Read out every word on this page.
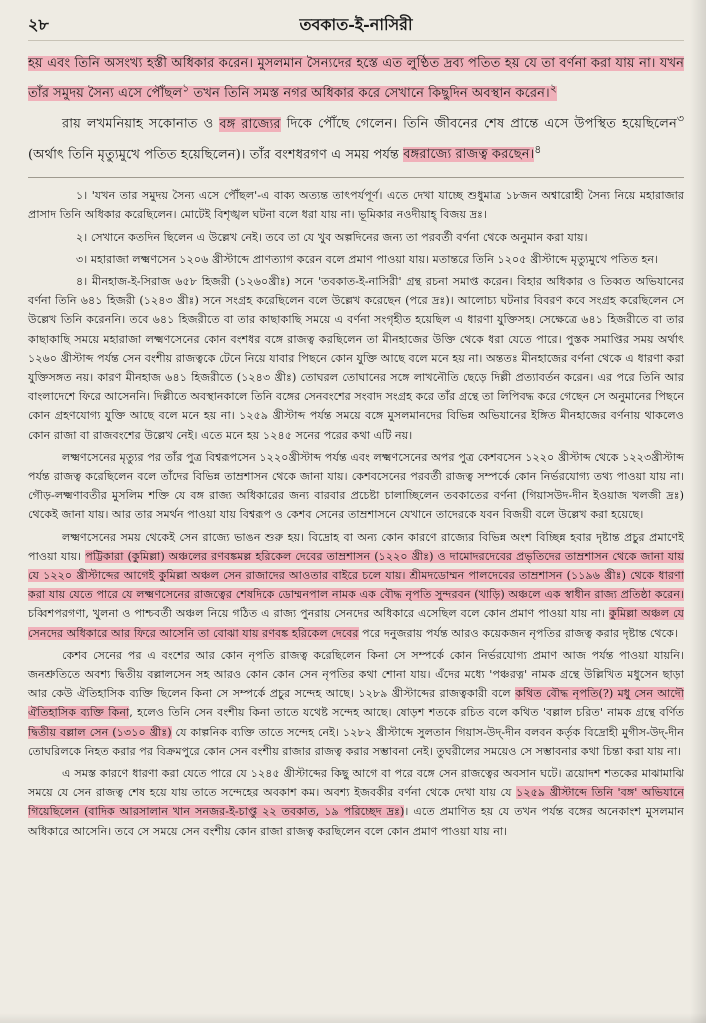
২৮	তবকাত-ই-নাসিরী

হয় এবং তিনি অসংখ্য হস্তী অধিকার করেন। মুসলমান সৈন্যদের হস্তে এত লুণ্ঠিত দ্রব্য পতিত হয় যে তা বর্ণনা করা যায় না। যখন তাঁর সমুদয় সৈন্য এসে পৌঁছল$^১$ তখন তিনি সমস্ত নগর অধিকার করে সেখানে কিছুদিন অবস্থান করেন।$^২$

রায় লখমনিয়াহ সকোনাত ও বঙ্গ রাজ্যের দিকে পৌঁছে গেলেন। তিনি জীবনের শেষ প্রান্তে এসে উপস্থিত হয়েছিলেন$^৩$ (অর্থাৎ তিনি মৃত্যুমুখে পতিত হয়েছিলেন)। তাঁর বংশধরগণ এ সময় পর্যন্ত বঙ্গরাজ্যে রাজত্ব করছেন।$^৪$

১। 'যখন তার সমুদয় সৈন্য এসে পৌঁছল'-এ বাক্য অত্যন্ত তাৎপর্যপূর্ণ। এতে দেখা যাচ্ছে শুধুমাত্র ১৮জন অশ্বারোহী সৈন্য নিয়ে মহারাজার প্রাসাদ তিনি অধিকার করেছিলেন। মোটেই বিশৃঙ্খল ঘটনা বলে ধরা যায় না। ভূমিকার নওদীয়াহ্ বিজয় দ্রঃ।

২। সেখানে কতদিন ছিলেন এ উল্লেখ নেই। তবে তা যে খুব অল্পদিনের জন্য তা পরবর্তী বর্ণনা থেকে অনুমান করা যায়।

৩। মহারাজা লক্ষ্মণসেন ১২০৬ খ্রীস্টাব্দে প্রাণত্যাগ করেন বলে প্রমাণ পাওয়া যায়। মতান্তরে তিনি ১২০৫ খ্রীস্টাব্দে মৃত্যুমুখে পতিত হন।

৪। মীনহাজ-ই-সিরাজ ৬৫৮ হিজরী (১২৬০খ্রীঃ) সনে 'তবকাত-ই-নাসিরী' গ্রন্থ রচনা সমাপ্ত করেন। বিহার অধিকার ও তিব্বত অভিযানের বর্ণনা তিনি ৬৪১ হিজরী (১২৪৩ খ্রীঃ) সনে সংগ্রহ করেছিলেন বলে উল্লেখ করেছেন (পরে দ্রঃ)। আলোচ্য ঘটনার বিবরণ কবে সংগ্রহ করেছিলেন সে উল্লেখ তিনি করেননি। তবে ৬৪১ হিজরীতে বা তার কাছাকাছি সময়ে এ বর্ণনা সংগৃহীত হয়েছিল এ ধারণা যুক্তিসহ। সেক্ষেত্রে ৬৪১ হিজরীতে বা তার কাছাকাছি সময়ে মহারাজা লক্ষ্মণসেনের কোন বংশধর বঙ্গে রাজত্ব করছিলেন তা মীনহাজের উক্তি থেকে ধরা যেতে পারে। পুস্তক সমাপ্তির সময় অর্থাৎ ১২৬০ খ্রীস্টাব্দ পর্যন্ত সেন বংশীয় রাজত্বকে টেনে নিয়ে যাবার পিছনে কোন যুক্তি আছে বলে মনে হয় না। অন্ততঃ মীনহাজের বর্ণনা থেকে এ ধারণা করা যুক্তিসঙ্গত নয়। কারণ মীনহাজ ৬৪১ হিজরীতে (১২৪৩ খ্রীঃ) তোঘরল তোঘানের সঙ্গে লাখনৌতি ছেড়ে দিল্লী প্রত্যাবর্তন করেন। এর পরে তিনি আর বাংলাদেশে ফিরে আসেননি। দিল্লীতে অবস্থানকালে তিনি বঙ্গের সেনবংশের সংবাদ সংগ্রহ করে তাঁর গ্রন্থে তা লিপিবদ্ধ করে গেছেন সে অনুমানের পিছনে কোন গ্রহণযোগ্য যুক্তি আছে বলে মনে হয় না। ১২৫৯ খ্রীস্টাব্দ পর্যন্ত সময়ে বঙ্গে মুসলমানদের বিভিন্ন অভিযানের ইঙ্গিত মীনহাজের বর্ণনায় থাকলেও কোন রাজা বা রাজবংশের উল্লেখ নেই। এতে মনে হয় ১২৪৫ সনের পরের কথা এটি নয়।

লক্ষ্মণসেনের মৃত্যুর পর তাঁর পুত্র বিশ্বরূপসেন ১২২০খ্রীস্টাব্দ পর্যন্ত এবং লক্ষ্মণসেনের অপর পুত্র কেশবসেন ১২২০ খ্রীস্টাব্দ থেকে ১২২৩খ্রীস্টাব্দ পর্যন্ত রাজত্ব করেছিলেন বলে তাঁদের বিভিন্ন তাম্রশাসন থেকে জানা যায়। কেশবসেনের পরবর্তী রাজত্ব সম্পর্কে কোন নির্ভরযোগ্য তথ্য পাওয়া যায় না। গৌড়-লক্ষ্মণাবতীর মুসলিম শক্তি যে বঙ্গ রাজ্য অধিকারের জন্য বারবার প্রচেষ্টা চালাচ্ছিলেন তবকাতের বর্ণনা (গিয়াসউদ-দীন ইওয়াজ খলজী দ্রঃ) থেকেই জানা যায়। আর তার সমর্থন পাওয়া যায় বিশ্বরূপ ও কেশব সেনের তাম্রশাসনে যেখানে তাদেরকে যবন বিজয়ী বলে উল্লেখ করা হয়েছে।

লক্ষ্মণসেনের সময় থেকেই সেন রাজ্যে ভাঙন শুরু হয়। বিদ্রোহ বা অন্য কোন কারণে রাজ্যের বিভিন্ন অংশ বিচ্ছিন্ন হবার দৃষ্টান্ত প্রচুর প্রমাণেই পাওয়া যায়। পট্টিকারা (কুমিল্লা) অঞ্চলের রণবঙ্কমল্ল হরিকেল দেবের তাম্রশাসন (১২২০ খ্রীঃ) ও দামোদরদেবের প্রভৃতিদের তাম্রশাসন থেকে জানা যায় যে ১২২০ খ্রীস্টাব্দের আগেই কুমিল্লা অঞ্চল সেন রাজাদের আওতার বাইরে চলে যায়। শ্রীমদডোম্মন পালদেবের তাম্রশাসন (১১৯৬ খ্রীঃ) থেকে ধারণা করা যায় যেতে পারে যে লক্ষ্মণসেনের রাজত্বের শেষদিকে ডোম্মনপাল নামক এক বৌদ্ধ নৃপতি সুন্দরবন (খাড়ি) অঞ্চলে এক স্বাধীন রাজ্য প্রতিষ্ঠা করেন। চব্বিশপরগণা, খুলনা ও পাশ্চবর্তী অঞ্চল নিয়ে গঠিত এ রাজ্য পুনরায় সেনদের অধিকারে এসেছিল বলে কোন প্রমাণ পাওয়া যায় না। কুমিল্লা অঞ্চল যে সেনদের অধিকারে আর ফিরে আসেনি তা বোঝা যায় রণবঙ্ক হরিকেল দেবের পরে দনুজরায় পর্যন্ত আরও কয়েকজন নৃপতির রাজত্ব করার দৃষ্টান্ত থেকে।

কেশব সেনের পর এ বংশের আর কোন নৃপতি রাজত্ব করেছিলেন কিনা সে সম্পর্কে কোন নির্ভরযোগ্য প্রমাণ আজ পর্যন্ত পাওয়া যায়নি। জনশ্রুতিতে অবশ্য দ্বিতীয় বল্লালসেন সহ আরও কোন কোন সেন নৃপতির কথা শোনা যায়। এঁদের মধ্যে 'পঞ্চরত্ন' নামক গ্রন্থে উল্লিখিত মধুসেন ছাড়া আর কেউ ঐতিহাসিক ব্যক্তি ছিলেন কিনা সে সম্পর্কে প্রচুর সন্দেহ আছে। ১২৮৯ খ্রীস্টাব্দের রাজত্বকারী বলে কথিত বৌদ্ধ নৃপতি(?) মধু সেন আদৌ ঐতিহাসিক ব্যক্তি কিনা, হলেও তিনি সেন বংশীয় কিনা তাতে যথেষ্ট সন্দেহ আছে। ষোড়শ শতকে রচিত বলে কথিত 'বল্লাল চরিত' নামক গ্রন্থে বর্ণিত দ্বিতীয় বল্লাল সেন (১৩১০ খ্রীঃ) যে কাল্পনিক ব্যক্তি তাতে সন্দেহ নেই। ১২৮২ খ্রীস্টাব্দে সুলতান গিয়াস-উদ্-দীন বলবন কর্তৃক বিদ্রোহী মুগীস-উদ্-দীন তোঘরিলকে নিহত করার পর বিক্রমপুরে কোন সেন বংশীয় রাজার রাজত্ব করার সম্ভাবনা নেই। তুঘরীলের সময়েও সে সম্ভাবনার কথা চিন্তা করা যায় না।

এ সমস্ত কারণে ধারণা করা যেতে পারে যে ১২৪৫ খ্রীস্টাব্দের কিছু আগে বা পরে বঙ্গে সেন রাজত্বের অবসান ঘটে। ত্রয়োদশ শতকের মাঝামাঝি সময়ে যে সেন রাজত্ব শেষ হয়ে যায় তাতে সন্দেহের অবকাশ কম। অবশ্য ইজবকীর বর্ণনা থেকে দেখা যায় যে ১২৫৯ খ্রীস্টাব্দে তিনি 'বঙ্গ' অভিযানে গিয়েছিলেন (বাদিক আরসালান খান সনজর-ই-চাপ্তু ২২ তবকাত, ১৯ পরিচ্ছেদ দ্রঃ)। এতে প্রমাণিত হয় যে তখন পর্যন্ত বঙ্গের অনেকাংশ মুসলমান অধিকারে আসেনি। তবে সে সময়ে সেন বংশীয় কোন রাজা রাজত্ব করছিলেন বলে কোন প্রমাণ পাওয়া যায় না।
